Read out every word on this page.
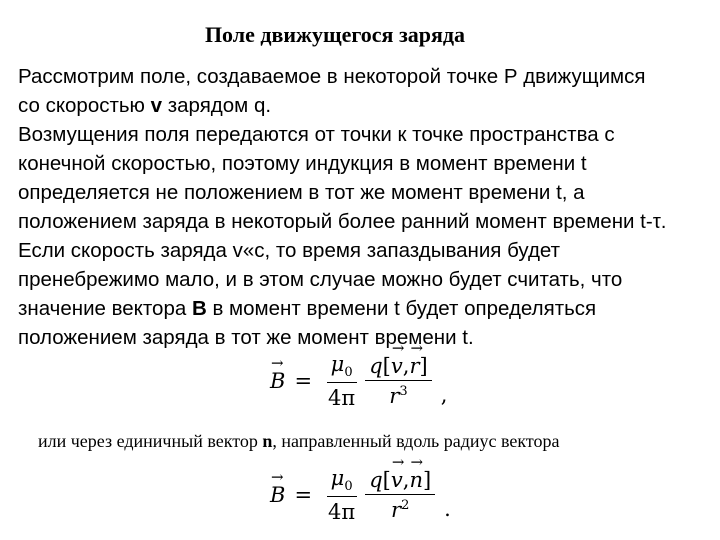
Поле движущегося заряда
Рассмотрим поле, создаваемое в некоторой точке Р движущимся
со скоростью v зарядом q.
Возмущения поля передаются от точки к точке пространства с
конечной скоростью, поэтому индукция в момент времени t
определяется не положением в тот же момент времени t, а
положением заряда в некоторый более ранний момент времени t-τ.
Если скорость заряда v«c, то время запаздывания будет
пренебрежимо мало, и в этом случае можно будет считать, что
значение вектора B в момент времени t будет определяться
положением заряда в тот же момент времени t.
→ $B = \frac{\mu_0}{4\pi} \frac{q[\to v,\to r]}{r^3}$ ,
или через единичный вектор n, направленный вдоль радиус вектора
→ $B = \frac{\mu_0}{4\pi} \frac{q[\to v,\to n]}{r^2}$ .
